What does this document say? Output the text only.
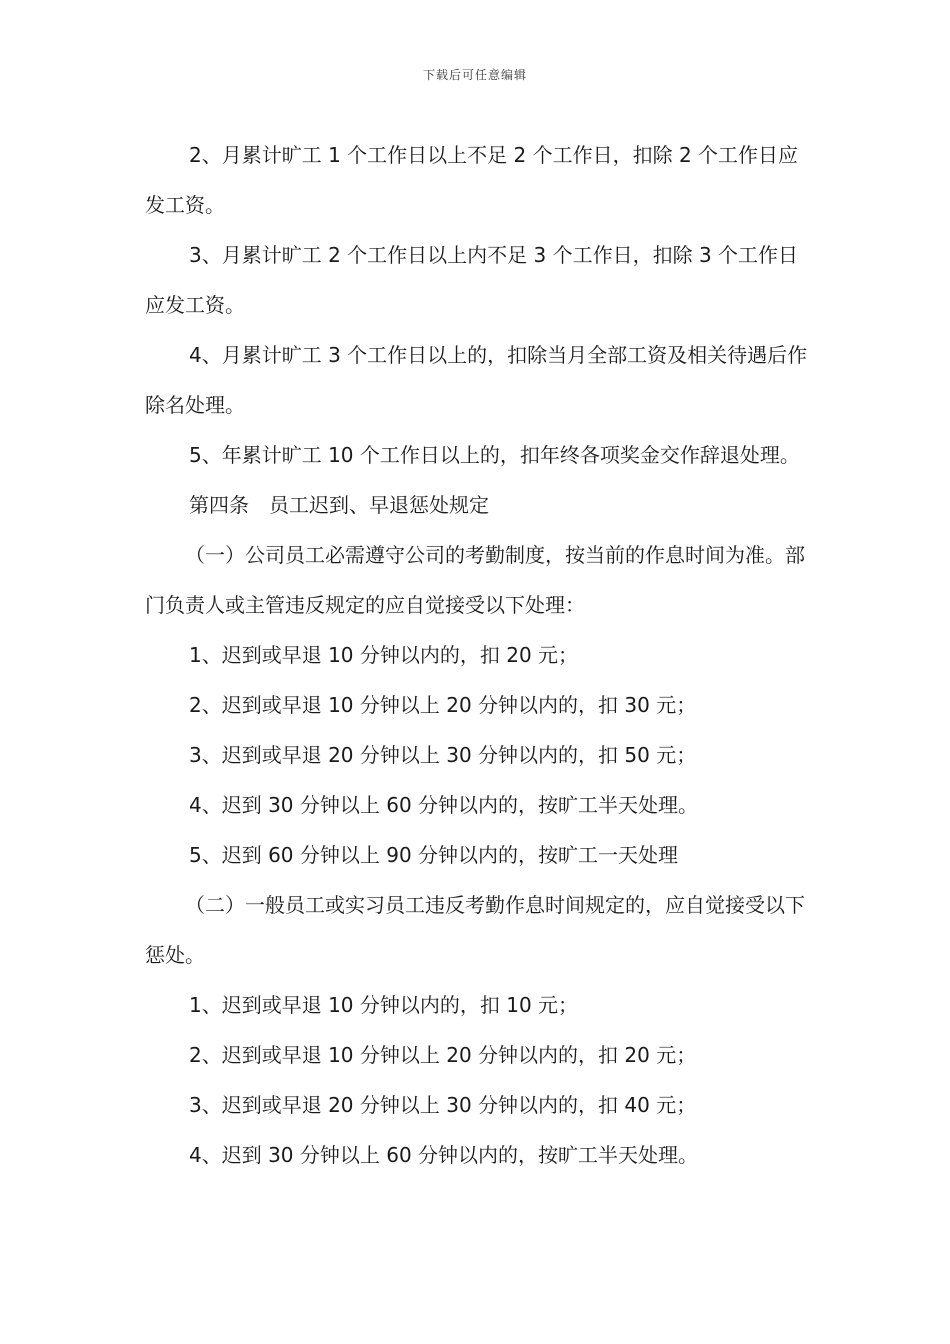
下载后可任意编辑

2、月累计旷工 1 个工作日以上不足 2 个工作日，扣除 2 个工作日应发工资。

3、月累计旷工 2 个工作日以上内不足 3 个工作日，扣除 3 个工作日应发工资。

4、月累计旷工 3 个工作日以上的，扣除当月全部工资及相关待遇后作除名处理。

5、年累计旷工 10 个工作日以上的，扣年终各项奖金交作辞退处理。

第四条　员工迟到、早退惩处规定

（一）公司员工必需遵守公司的考勤制度，按当前的作息时间为准。部门负责人或主管违反规定的应自觉接受以下处理：

1、迟到或早退 10 分钟以内的，扣 20 元；

2、迟到或早退 10 分钟以上 20 分钟以内的，扣 30 元；

3、迟到或早退 20 分钟以上 30 分钟以内的，扣 50 元；

4、迟到 30 分钟以上 60 分钟以内的，按旷工半天处理。

5、迟到 60 分钟以上 90 分钟以内的，按旷工一天处理

（二）一般员工或实习员工违反考勤作息时间规定的，应自觉接受以下惩处。

1、迟到或早退 10 分钟以内的，扣 10 元；

2、迟到或早退 10 分钟以上 20 分钟以内的，扣 20 元；

3、迟到或早退 20 分钟以上 30 分钟以内的，扣 40 元；

4、迟到 30 分钟以上 60 分钟以内的，按旷工半天处理。
